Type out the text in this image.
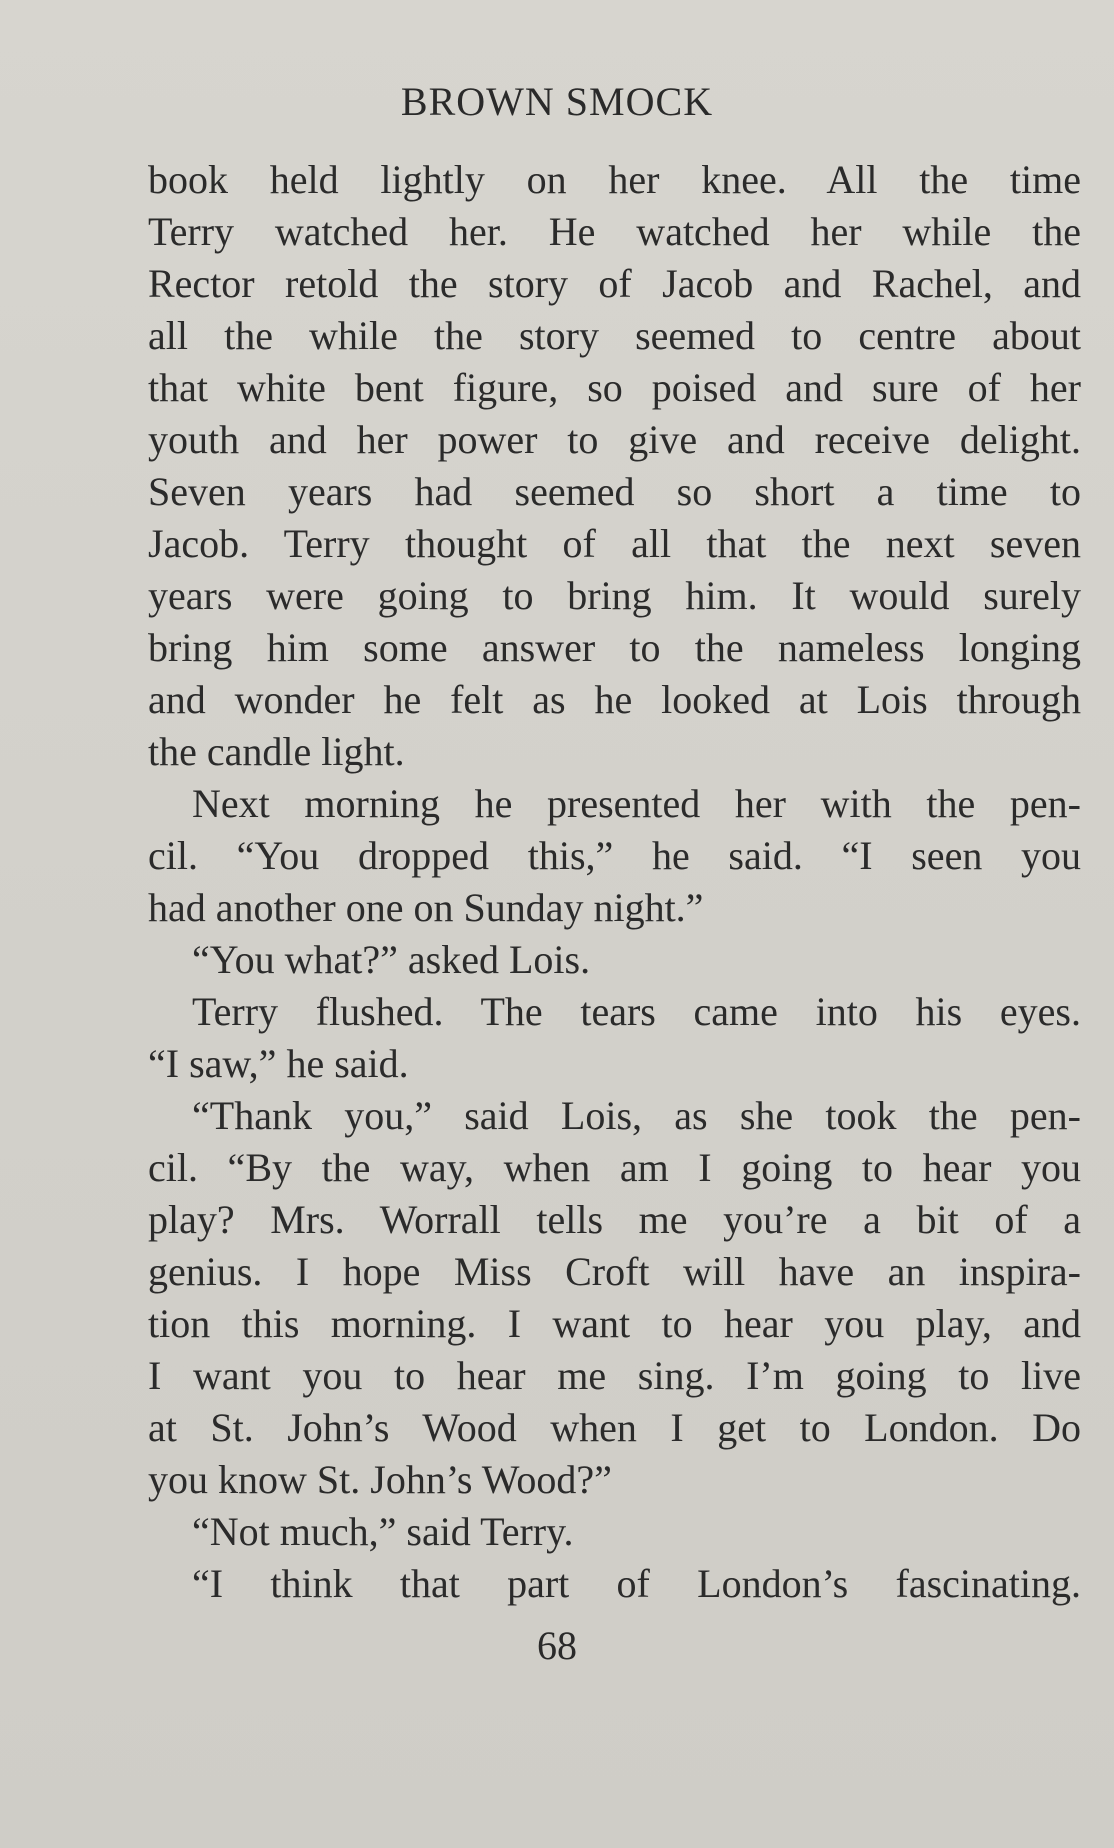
BROWN SMOCK
book held lightly on her knee. All the time
Terry watched her. He watched her while the
Rector retold the story of Jacob and Rachel, and
all the while the story seemed to centre about
that white bent figure, so poised and sure of her
youth and her power to give and receive delight.
Seven years had seemed so short a time to
Jacob. Terry thought of all that the next seven
years were going to bring him. It would surely
bring him some answer to the nameless longing
and wonder he felt as he looked at Lois through
the candle light.
Next morning he presented her with the pen-
cil. “You dropped this,” he said. “I seen you
had another one on Sunday night.”
“You what?” asked Lois.
Terry flushed. The tears came into his eyes.
“I saw,” he said.
“Thank you,” said Lois, as she took the pen-
cil. “By the way, when am I going to hear you
play? Mrs. Worrall tells me you’re a bit of a
genius. I hope Miss Croft will have an inspira-
tion this morning. I want to hear you play, and
I want you to hear me sing. I’m going to live
at St. John’s Wood when I get to London. Do
you know St. John’s Wood?”
“Not much,” said Terry.
“I think that part of London’s fascinating.
68
